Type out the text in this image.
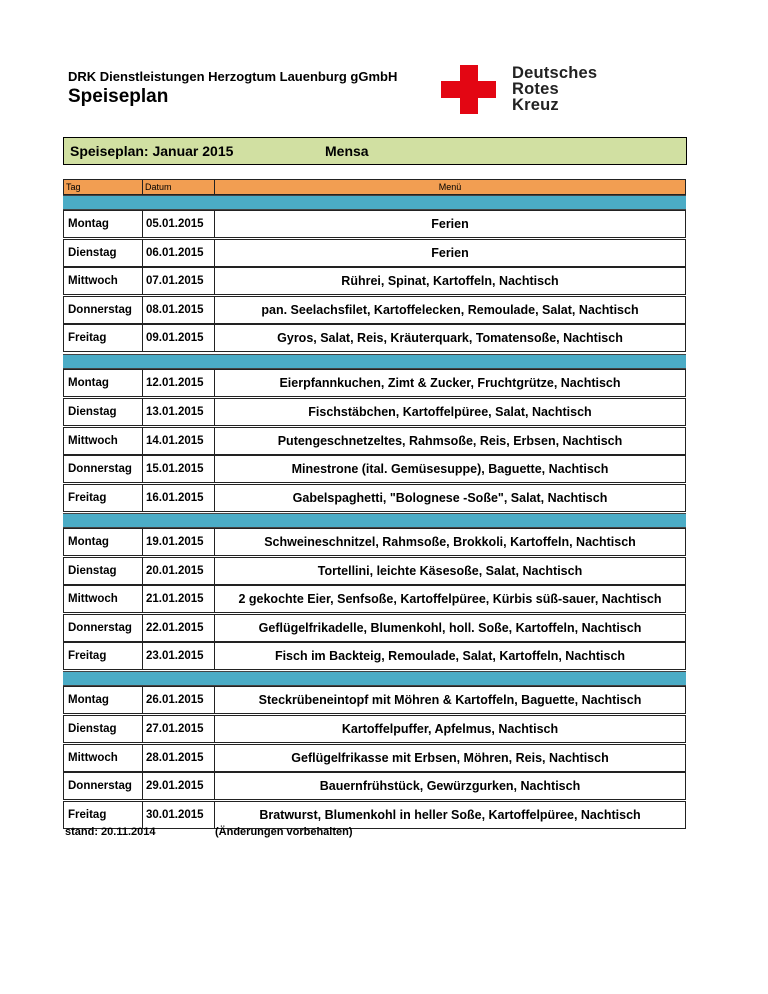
DRK Dienstleistungen Herzogtum Lauenburg gGmbH
Speiseplan
Deutsches
Rotes
Kreuz
Speiseplan: Januar 2015	Mensa
Tag	Datum	Menü
Montag	05.01.2015	Ferien
Dienstag	06.01.2015	Ferien
Mittwoch	07.01.2015	Rührei, Spinat, Kartoffeln, Nachtisch
Donnerstag	08.01.2015	pan. Seelachsfilet, Kartoffelecken, Remoulade, Salat, Nachtisch
Freitag	09.01.2015	Gyros, Salat, Reis, Kräuterquark, Tomatensoße, Nachtisch
Montag	12.01.2015	Eierpfannkuchen, Zimt & Zucker, Fruchtgrütze, Nachtisch
Dienstag	13.01.2015	Fischstäbchen, Kartoffelpüree, Salat, Nachtisch
Mittwoch	14.01.2015	Putengeschnetzeltes, Rahmsoße, Reis, Erbsen, Nachtisch
Donnerstag	15.01.2015	Minestrone (ital. Gemüsesuppe), Baguette, Nachtisch
Freitag	16.01.2015	Gabelspaghetti, "Bolognese -Soße", Salat, Nachtisch
Montag	19.01.2015	Schweineschnitzel, Rahmsoße, Brokkoli, Kartoffeln, Nachtisch
Dienstag	20.01.2015	Tortellini, leichte Käsesoße, Salat, Nachtisch
Mittwoch	21.01.2015	2 gekochte Eier, Senfsoße, Kartoffelpüree, Kürbis süß-sauer, Nachtisch
Donnerstag	22.01.2015	Geflügelfrikadelle, Blumenkohl, holl. Soße, Kartoffeln, Nachtisch
Freitag	23.01.2015	Fisch im Backteig, Remoulade, Salat, Kartoffeln, Nachtisch
Montag	26.01.2015	Steckrübeneintopf mit Möhren & Kartoffeln, Baguette, Nachtisch
Dienstag	27.01.2015	Kartoffelpuffer, Apfelmus, Nachtisch
Mittwoch	28.01.2015	Geflügelfrikasse mit Erbsen, Möhren, Reis, Nachtisch
Donnerstag	29.01.2015	Bauernfrühstück, Gewürzgurken, Nachtisch
Freitag	30.01.2015	Bratwurst, Blumenkohl in heller Soße, Kartoffelpüree, Nachtisch
stand: 20.11.2014	(Änderungen vorbehalten)
